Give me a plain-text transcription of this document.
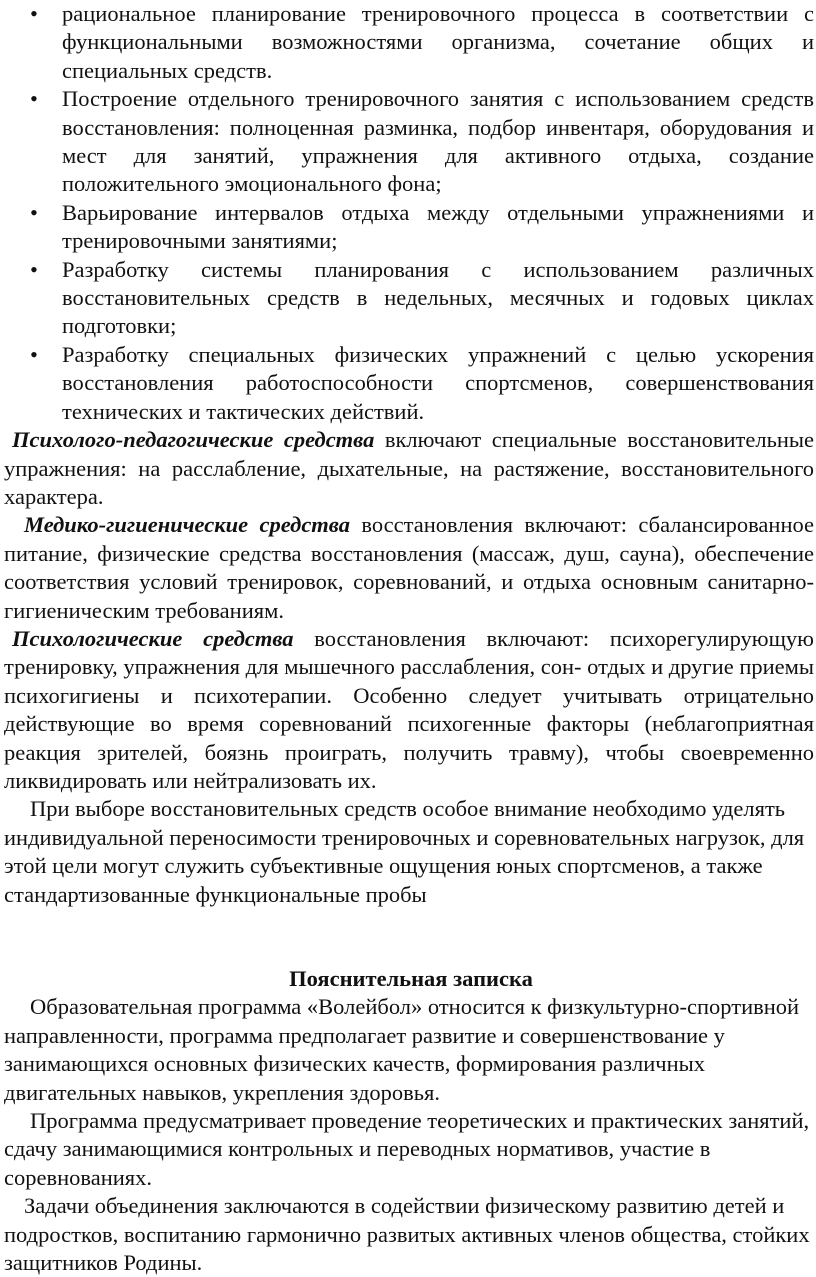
• рациональное планирование тренировочного процесса в соответствии с функциональными возможностями организма, сочетание общих и специальных средств.
• Построение отдельного тренировочного занятия с использованием средств восстановления: полноценная разминка, подбор инвентаря, оборудования и мест для занятий, упражнения для активного отдыха, создание положительного эмоционального фона;
• Варьирование интервалов отдыха между отдельными упражнениями и тренировочными занятиями;
• Разработку системы планирования с использованием различных восстановительных средств в недельных, месячных и годовых циклах подготовки;
• Разработку специальных физических упражнений с целью ускорения восстановления работоспособности спортсменов, совершенствования технических и тактических действий.

Психолого-педагогические средства включают специальные восстановительные упражнения: на расслабление, дыхательные, на растяжение, восстановительного характера.

Медико-гигиенические средства восстановления включают: сбалансированное питание, физические средства восстановления (массаж, душ, сауна), обеспечение соответствия условий тренировок, соревнований, и отдыха основным санитарно-гигиеническим требованиям.

Психологические средства восстановления включают: психорегулирующую тренировку, упражнения для мышечного расслабления, сон- отдых и другие приемы психогигиены и психотерапии. Особенно следует учитывать отрицательно действующие во время соревнований психогенные факторы (неблагоприятная реакция зрителей, боязнь проиграть, получить травму), чтобы своевременно ликвидировать или нейтрализовать их.

При выборе восстановительных средств особое внимание необходимо уделять индивидуальной переносимости тренировочных и соревновательных нагрузок, для этой цели могут служить субъективные ощущения юных спортсменов, а также стандартизованные функциональные пробы

Пояснительная записка

Образовательная программа «Волейбол» относится к физкультурно-спортивной направленности, программа предполагает развитие и совершенствование у занимающихся основных физических качеств, формирования различных двигательных навыков, укрепления здоровья.

Программа предусматривает проведение теоретических и практических занятий, сдачу занимающимися контрольных и переводных нормативов, участие в соревнованиях.

Задачи объединения заключаются в содействии физическому развитию детей и подростков, воспитанию гармонично развитых активных членов общества, стойких защитников Родины.
